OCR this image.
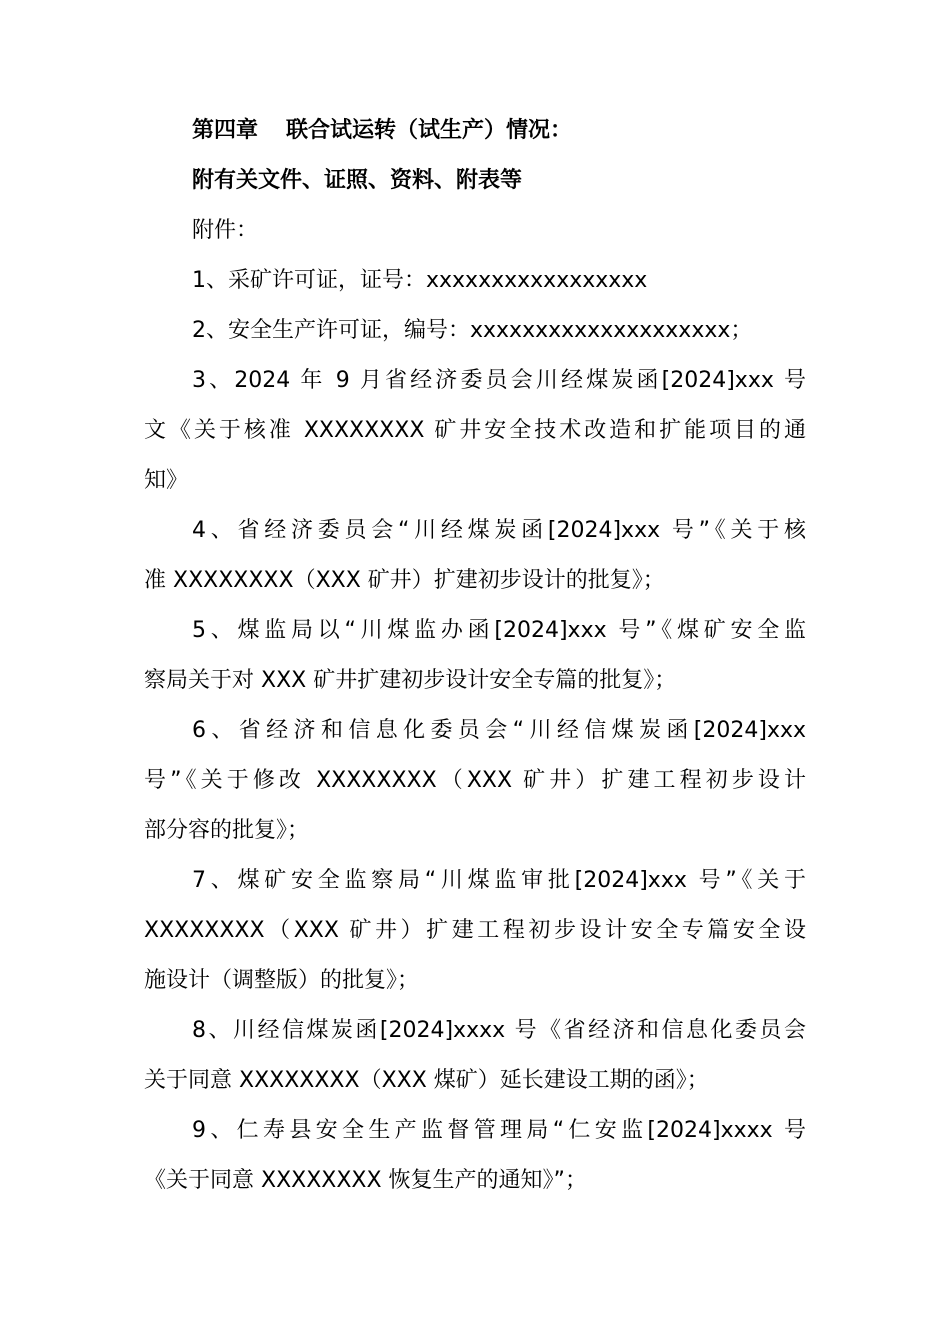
第四章 联合试运转（试生产）情况：

附有关文件、证照、资料、附表等

附件：

1、采矿许可证，证号：xxxxxxxxxxxxxxxxx

2、安全生产许可证，编号：xxxxxxxxxxxxxxxxxxxx；

3、2024 年 9 月省经济委员会川经煤炭函[2024]xxx 号

文《关于核准 XXXXXXXX 矿井安全技术改造和扩能项目的通

知》

4、省经济委员会“川经煤炭函[2024]xxx 号”《关于核

准 XXXXXXXX（XXX 矿井）扩建初步设计的批复》；

5、煤监局以“川煤监办函[2024]xxx 号”《煤矿安全监

察局关于对 XXX 矿井扩建初步设计安全专篇的批复》；

6、省经济和信息化委员会“川经信煤炭函[2024]xxx

号”《关于修改 XXXXXXXX（XXX 矿井）扩建工程初步设计

部分容的批复》；

7、煤矿安全监察局“川煤监审批[2024]xxx 号”《关于

XXXXXXXX（XXX 矿井）扩建工程初步设计安全专篇安全设

施设计（调整版）的批复》；

8、川经信煤炭函[2024]xxxx 号《省经济和信息化委员会

关于同意 XXXXXXXX（XXX 煤矿）延长建设工期的函》；

9、仁寿县安全生产监督管理局“仁安监[2024]xxxx 号

《关于同意 XXXXXXXX 恢复生产的通知》”；
